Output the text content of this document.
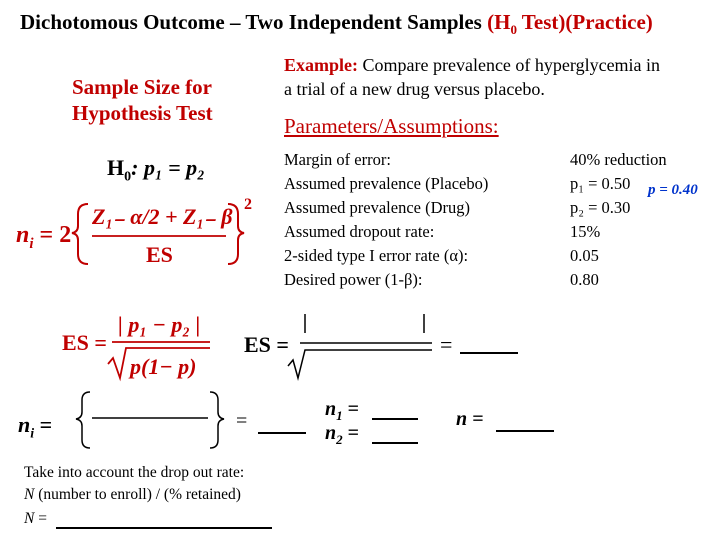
Dichotomous Outcome – Two Independent Samples ($H_0$ Test)(Practice)
Sample Size for
Hypothesis Test
Example: Compare prevalence of hyperglycemia in
a trial of a new drug versus placebo.
Parameters/Assumptions:
Margin of error:	40% reduction
Assumed prevalence (Placebo)	p₁ = 0.50
Assumed prevalence (Drug)	p₂ = 0.30
Assumed dropout rate:	15%
2-sided type I error rate (α):	0.05
Desired power (1-β):	0.80
p = 0.40
$H_0$: p₁ = p₂
$n_i = 2$
Z₁₋ α/2 + Z₁₋ β
ES
2
ES =
| p₁ − p₂ |
p(1− p)
ES =	=
$n_i$ =	=
$n_1$ =
$n_2$ =
n =
Take into account the drop out rate:
N (number to enroll) / (% retained)
N =
